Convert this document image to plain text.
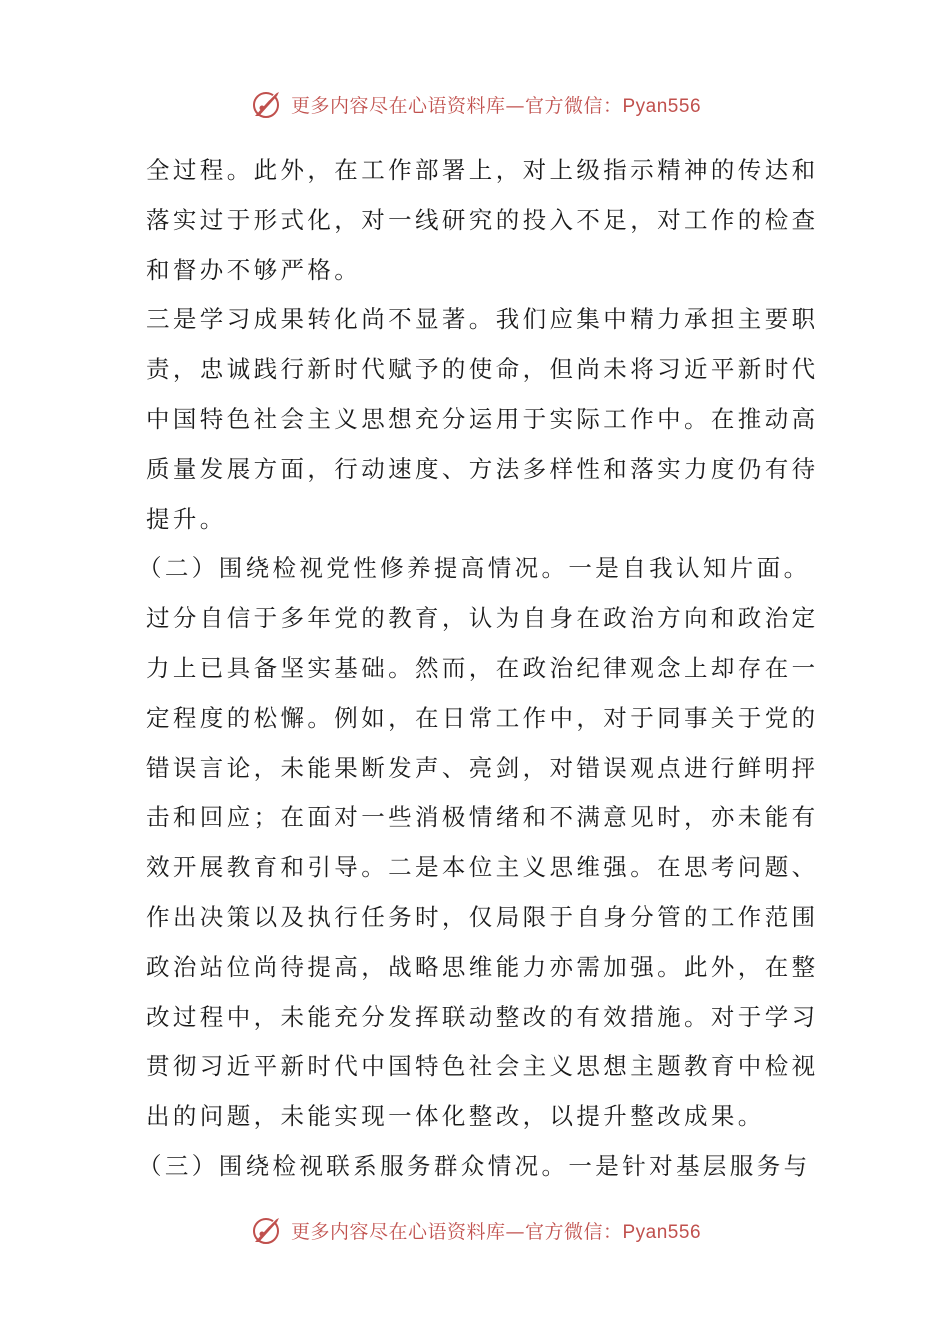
更多内容尽在心语资料库—官方微信：Pyan556
全过程。此外，在工作部署上，对上级指示精神的传达和
落实过于形式化，对一线研究的投入不足，对工作的检查
和督办不够严格。
三是学习成果转化尚不显著。我们应集中精力承担主要职
责，忠诚践行新时代赋予的使命，但尚未将习近平新时代
中国特色社会主义思想充分运用于实际工作中。在推动高
质量发展方面，行动速度、方法多样性和落实力度仍有待
提升。
（二）围绕检视党性修养提高情况。一是自我认知片面。
过分自信于多年党的教育，认为自身在政治方向和政治定
力上已具备坚实基础。然而，在政治纪律观念上却存在一
定程度的松懈。例如，在日常工作中，对于同事关于党的
错误言论，未能果断发声、亮剑，对错误观点进行鲜明抨
击和回应；在面对一些消极情绪和不满意见时，亦未能有
效开展教育和引导。二是本位主义思维强。在思考问题、
作出决策以及执行任务时，仅局限于自身分管的工作范围
政治站位尚待提高，战略思维能力亦需加强。此外，在整
改过程中，未能充分发挥联动整改的有效措施。对于学习
贯彻习近平新时代中国特色社会主义思想主题教育中检视
出的问题，未能实现一体化整改，以提升整改成果。
（三）围绕检视联系服务群众情况。一是针对基层服务与
更多内容尽在心语资料库—官方微信：Pyan556
